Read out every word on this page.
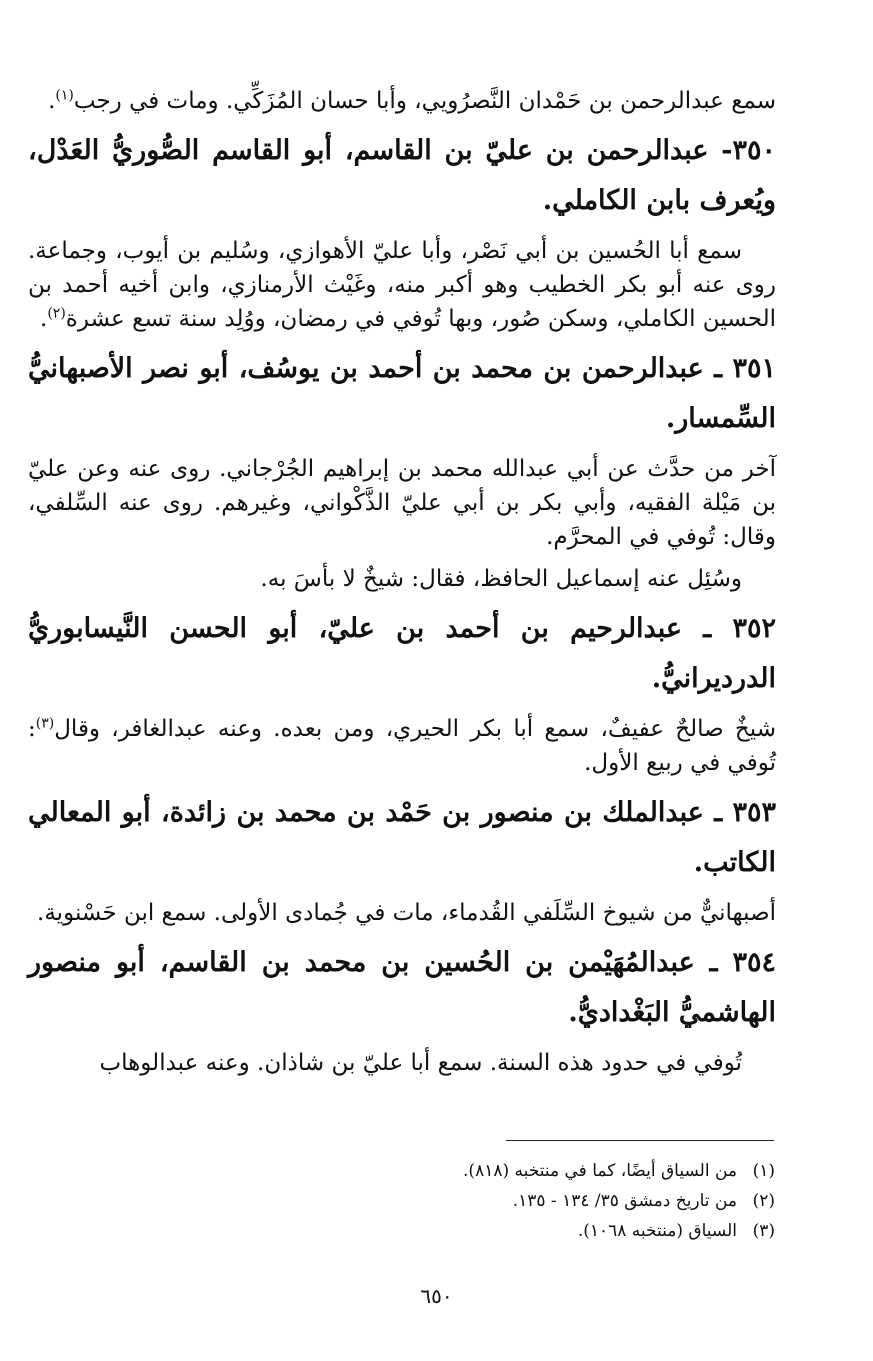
سمع عبدالرحمن بن حَمْدان النَّصرُويي، وأبا حسان المُزَكِّي. ومات في رجب$^{(١)}$.

٣٥٠- عبدالرحمن بن عليّ بن القاسم، أبو القاسم الصُّوريُّ العَدْل، ويُعرف بابن الكاملي.

سمع أبا الحُسين بن أبي نَصْر، وأبا عليّ الأهوازي، وسُليم بن أيوب، وجماعة. روى عنه أبو بكر الخطيب وهو أكبر منه، وغَيْث الأرمنازي، وابن أخيه أحمد بن الحسين الكاملي، وسكن صُور، وبها تُوفي في رمضان، ووُلِد سنة تسع عشرة$^{(٢)}$.

٣٥١ ـ عبدالرحمن بن محمد بن أحمد بن يوسُف، أبو نصر الأصبهانيُّ السِّمسار.

آخر من حدَّث عن أبي عبدالله محمد بن إبراهيم الجُرْجاني. روى عنه وعن عليّ بن مَيْلة الفقيه، وأبي بكر بن أبي عليّ الذَّكْواني، وغيرهم. روى عنه السِّلفي، وقال: تُوفي في المحرَّم.

وسُئِل عنه إسماعيل الحافظ، فقال: شيخٌ لا بأسَ به.

٣٥٢ ـ عبدالرحيم بن أحمد بن عليّ، أبو الحسن النَّيسابوريُّ الدرديرانيُّ.

شيخٌ صالحٌ عفيفٌ، سمع أبا بكر الحيري، ومن بعده. وعنه عبدالغافر، وقال$^{(٣)}$: تُوفي في ربيع الأول.

٣٥٣ ـ عبدالملك بن منصور بن حَمْد بن محمد بن زائدة، أبو المعالي الكاتب.

أصبهانيٌّ من شيوخ السِّلَفي القُدماء، مات في جُمادى الأولى. سمع ابن حَسْنوية.

٣٥٤ ـ عبدالمُهَيْمن بن الحُسين بن محمد بن القاسم، أبو منصور الهاشميُّ البَغْداديُّ.

تُوفي في حدود هذه السنة. سمع أبا عليّ بن شاذان. وعنه عبدالوهاب

(١)من السياق أيضًا، كما في منتخبه (٨١٨).
(٢)من تاريخ دمشق ٣٥/ ١٣٤ - ١٣٥.
(٣)السياق (منتخبه ١٠٦٨).
٦٥٠
